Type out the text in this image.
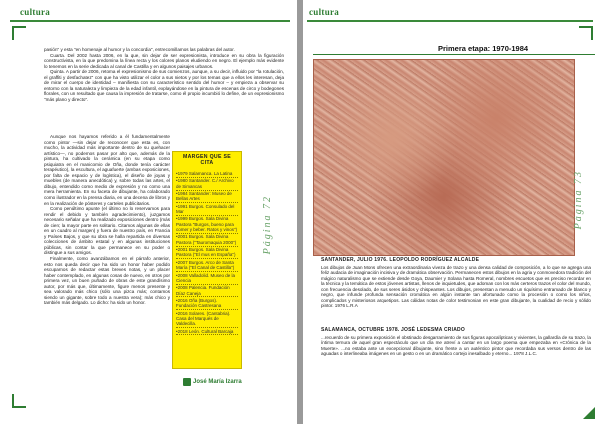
cultura

pasión" y esta "en homenaje al humor y la concordia", entrecomillamos las palabras del autor.

Cuarta. Del 2002 hasta 2006, en la que, sin dejar de ser expresionista, introduce en su obra la figuración constructivista, en la que predomina la línea recta y los colores planos eludiendo en negro. El ejemplo más evidente lo tenemos en la serie dedicada al canal de Castilla y en algunos paisajes urbanos.

Quinta. A partir de 2006, retoma el expresionismo de sus comienzos, aunque, a su decir, influido por "la rotulación, el graffiti y desfachatez" con que ha visto utilizar el color a sus nietos y por los temas que a ellos les interesan, deja de mirar el cuerpo de identidad – manifiesta con su característico sentido del humor – y empieza a observar su entorno con la naturaleza y limpieza de la edad infantil, explayándose en la pintura de escenas de circo y bodegones florales, con un resultado que causa la impresión de tratarse, como él propio incumbió lo define, de un expresionismo "más plano y directo".

Aunque nos hayamos referido a él fundamentalmente como pintor —sin dejar de reconocer que esta es, con mucho, la actividad más importante dentro de su quehacer artístico—, no podemos pasar por alto que, además de la pintura, ha cultivado la cerámica (en su etapa como psiquiatra en el manicomio de Oña, donde tenía carácter terapéutico), la escultura, el aguafuerte (ambas exposiciones, por falta de espacio y de logística), el diseño de joyas y muebles (de manera anecdótica) y, sobre todas las artes, el dibujo, entendido como medio de expresión y no como una mera herramienta. En su faceta de dibujante, ha colaborado como ilustrador en la prensa diaria, en una decena de libros y en la realización de pósteres y carteles publicitarios.

Como penúltimo apunte (el último no lo reservamos para rendir el debido y también agradecimiento), juzgamos necesario señalar que ha realizado exposiciones dentro (más de cien; la mayor parte en solitario. Citamos algunas de ellas en un cuadro al margen) y fuera de nuestro país, en Francia y Países Bajos, y que su obra se halla repartida en diversas colecciones de ámbito estatal y en algunas instituciones públicas, sin contar la que permanece en su poder o distingue a sus amigos.

Finalmente, como avanzábamos en el párrafo anterior, esto nos queda decir que ha sido un honor haber podido escuparnos de redactar estas breves notas, y un placer haber contemplado, en algunas cosas de nuevo, en otros por primera vez, un buen puñado de obras de este grandísimo autor, por más que, últimamente, figure menos presente y sea valorado más chico (sólo una pizca más; contamos siendo un gigante, sobre todo a nuestra vera); más chico y también más delgado. Lo dicho: ha sido un honor.

MARGEN QUE SE CITA
•1979 Salamanca. La Latina
•1980 Santander. C./ Archivo de Simancas
•1984 Santander: Museo de Bellas Artes
•1991 Burgos. Consulado del Mar
•1999 Burgos. Sala Divina Pastora "Burgos, bueno para comer y beber. Ratos y vinos")
•2001 Burgos. Sala Divina Pastora ("Tauromaquia 2000")
•2001 Burgos. Sala Divina Pastora ("El mus en España")
•2007 Burgos. Arco de Santa María ("El Canal de Castilla")
•2008 Valladolid. Museo de la Ciencia
•2008 Palencia. Fundación Díaz Caneja
•2016 Oña (Burgos). Fundación Castresana
•2016 Solares. (Cantabria). Casa del Marqués de Valdecilla.
•2018 León. Cultural Barcaja
Página 72
José María Izarra
cultura
Primera etapa: 1970-1984
Página 73
SANTANDER, JULIO 1976. LEOPOLDO RODRÍGUEZ ALCALDE
Los dibujos de Juan Mons ofrecen una extraordinaria viveza de trazo y una densa calidad de composición, a lo que se agrega una feliz audacia de imaginación incisiva y de dramática observación. Permanecen estos dibujos en la agria y conmovedora tradición del mágico naturalismo que se extiende desde Goya, Daumier y Solana hasta Romeral, nombres escuetos que es preciso recordar en la técnica y la temática de estos jóvenes artistas, llenos de inquietudes, que adoman con los más certeros trazos el color del mundo, con frecuencia desolado, de sus seres ásidos y chispeantes. Los dibujos, presentan a menudo un riquísimo entramado de blanco y negro, que infunde profunda sensación cromática en algún instante tan afortunado como la procesión o como los niños, complicados y misteriosos arquetipos. Las cálidas notas de color testimonian en este gran dibujante, la cualidad de recio y sólido pintor. 1976 L.R.A
SALAMANCA, OCTUBRE 1978. JOSÉ LEDESMA CRIADO
...recuerdo de su primera exposición el obstinado desgarramiento de sus figuras apocalípticas y vivientes, la gallardía de su trazo, la íntima ternura de aquel gran espectáculo que un día me atreví a cantar en un largo poema que empezaba en «Crónica de la Muerte». ...no estaba ante un excepcional dibujante, sino frente a un auténtico pintor que recordaba sus versos dentro de las aguadas o interlineaba imágenes en un gesto o en un dramático cortejo inesalbado y eterno... 1978 J.L.C.
